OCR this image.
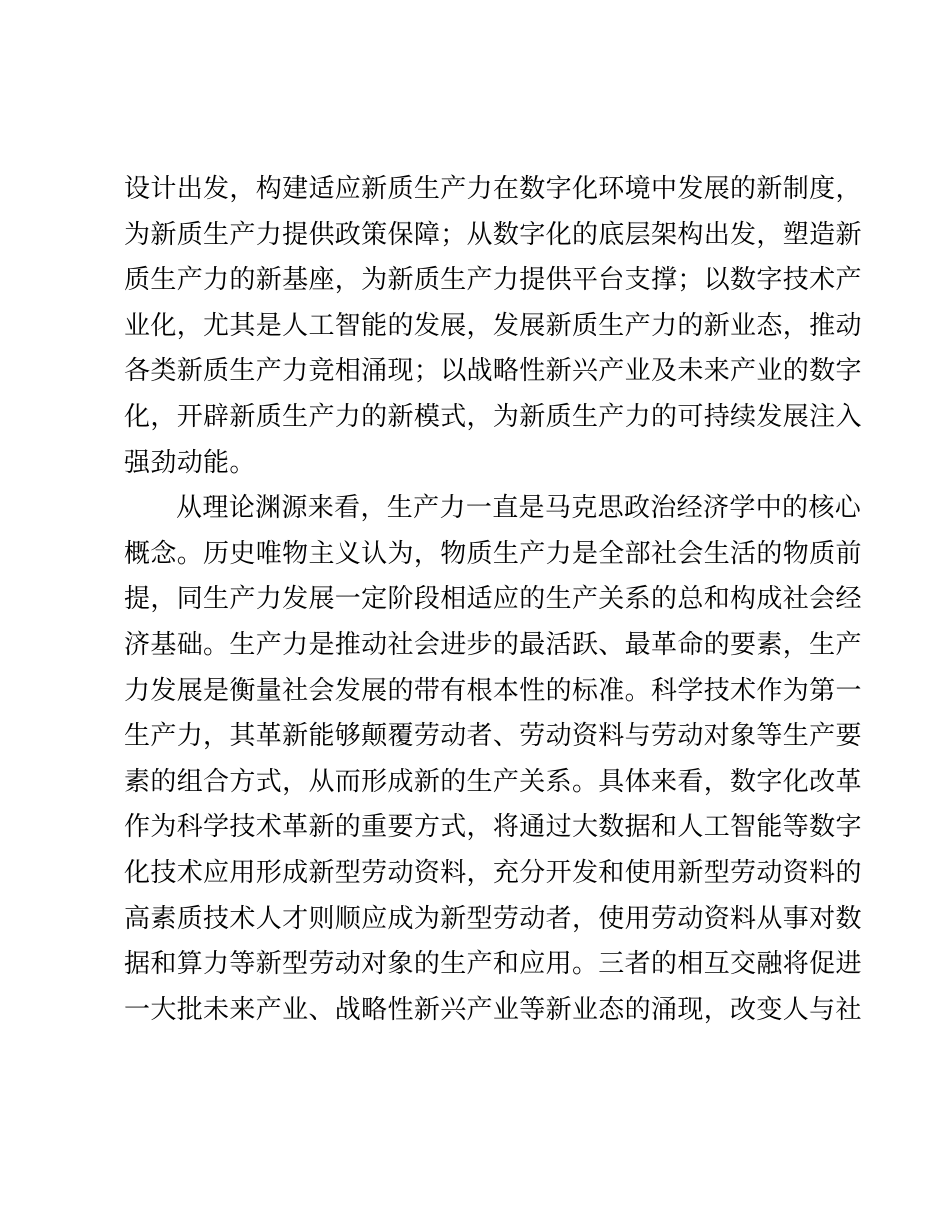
设计出发，构建适应新质生产力在数字化环境中发展的新制度，
为新质生产力提供政策保障；从数字化的底层架构出发，塑造新
质生产力的新基座，为新质生产力提供平台支撑；以数字技术产
业化，尤其是人工智能的发展，发展新质生产力的新业态，推动
各类新质生产力竞相涌现；以战略性新兴产业及未来产业的数字
化，开辟新质生产力的新模式，为新质生产力的可持续发展注入
强劲动能。
从理论渊源来看，生产力一直是马克思政治经济学中的核心
概念。历史唯物主义认为，物质生产力是全部社会生活的物质前
提，同生产力发展一定阶段相适应的生产关系的总和构成社会经
济基础。生产力是推动社会进步的最活跃、最革命的要素，生产
力发展是衡量社会发展的带有根本性的标准。科学技术作为第一
生产力，其革新能够颠覆劳动者、劳动资料与劳动对象等生产要
素的组合方式，从而形成新的生产关系。具体来看，数字化改革
作为科学技术革新的重要方式，将通过大数据和人工智能等数字
化技术应用形成新型劳动资料，充分开发和使用新型劳动资料的
高素质技术人才则顺应成为新型劳动者，使用劳动资料从事对数
据和算力等新型劳动对象的生产和应用。三者的相互交融将促进
一大批未来产业、战略性新兴产业等新业态的涌现，改变人与社
